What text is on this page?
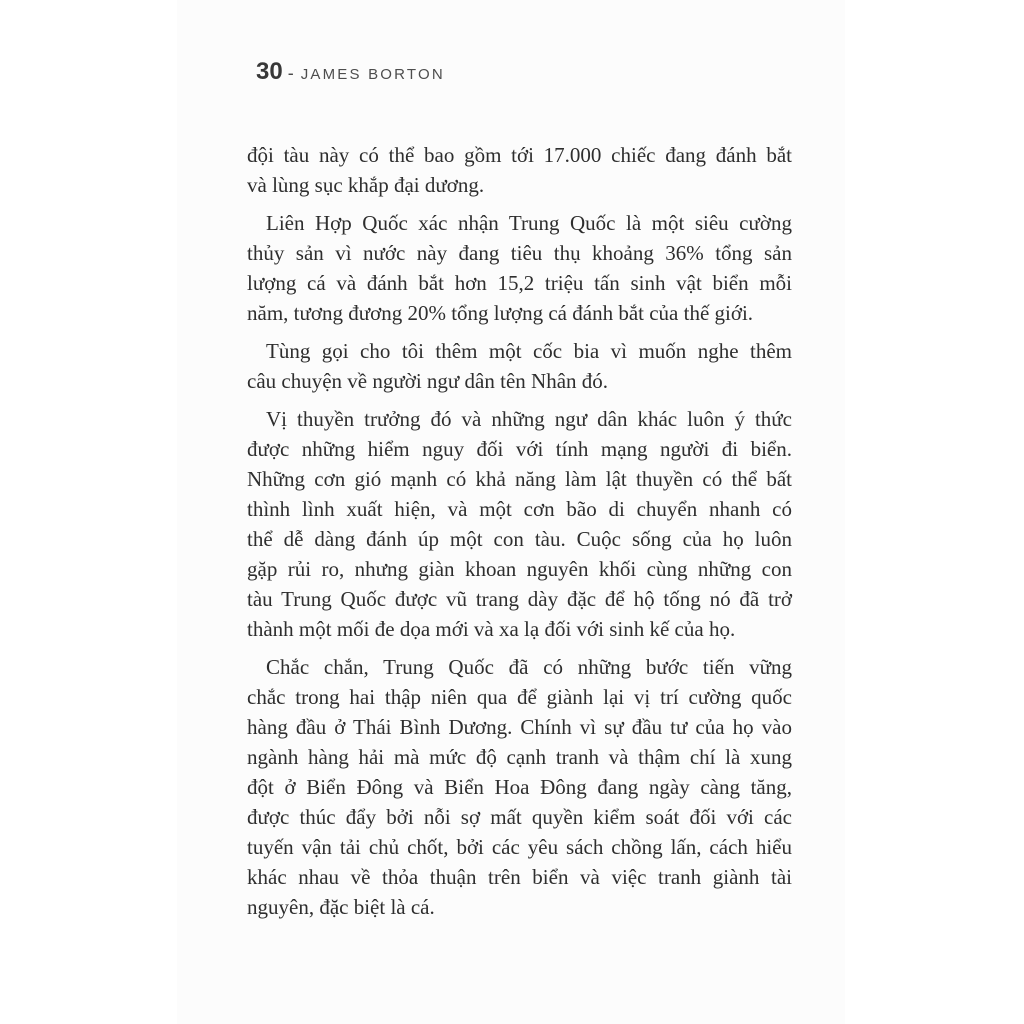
30 - JAMES BORTON
đội tàu này có thể bao gồm tới 17.000 chiếc đang đánh bắt
và lùng sục khắp đại dương.
Liên Hợp Quốc xác nhận Trung Quốc là một siêu cường
thủy sản vì nước này đang tiêu thụ khoảng 36% tổng sản
lượng cá và đánh bắt hơn 15,2 triệu tấn sinh vật biển mỗi
năm, tương đương 20% tổng lượng cá đánh bắt của thế giới.
Tùng gọi cho tôi thêm một cốc bia vì muốn nghe thêm
câu chuyện về người ngư dân tên Nhân đó.
Vị thuyền trưởng đó và những ngư dân khác luôn ý thức
được những hiểm nguy đối với tính mạng người đi biển.
Những cơn gió mạnh có khả năng làm lật thuyền có thể bất
thình lình xuất hiện, và một cơn bão di chuyển nhanh có
thể dễ dàng đánh úp một con tàu. Cuộc sống của họ luôn
gặp rủi ro, nhưng giàn khoan nguyên khối cùng những con
tàu Trung Quốc được vũ trang dày đặc để hộ tống nó đã trở
thành một mối đe dọa mới và xa lạ đối với sinh kế của họ.
Chắc chắn, Trung Quốc đã có những bước tiến vững
chắc trong hai thập niên qua để giành lại vị trí cường quốc
hàng đầu ở Thái Bình Dương. Chính vì sự đầu tư của họ vào
ngành hàng hải mà mức độ cạnh tranh và thậm chí là xung
đột ở Biển Đông và Biển Hoa Đông đang ngày càng tăng,
được thúc đẩy bởi nỗi sợ mất quyền kiểm soát đối với các
tuyến vận tải chủ chốt, bởi các yêu sách chồng lấn, cách hiểu
khác nhau về thỏa thuận trên biển và việc tranh giành tài
nguyên, đặc biệt là cá.
